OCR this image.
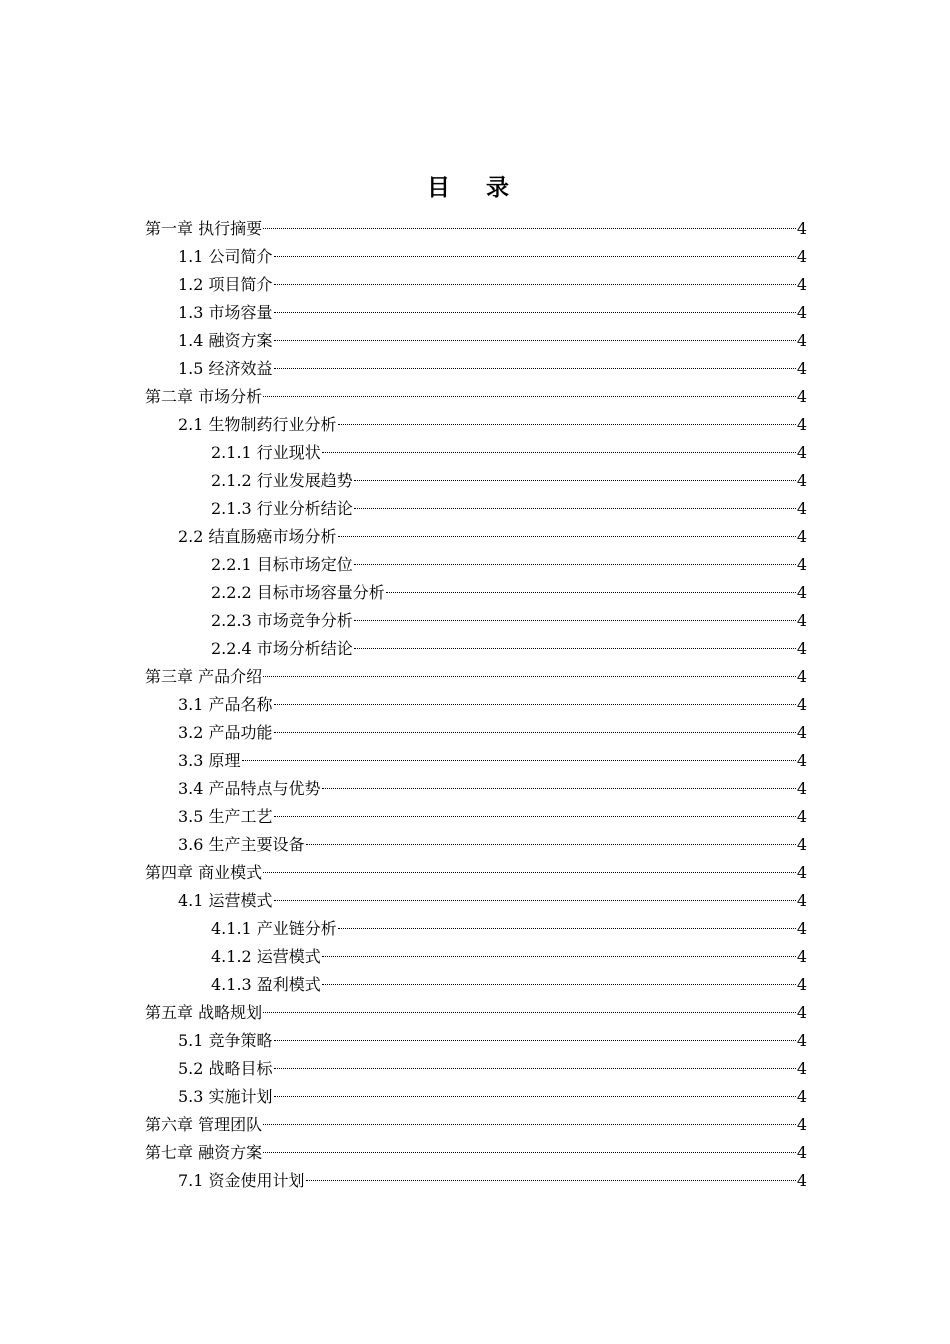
目 录
第一章 执行摘要	4
1.1 公司简介	4
1.2 项目简介	4
1.3 市场容量	4
1.4 融资方案	4
1.5 经济效益	4
第二章 市场分析	4
2.1 生物制药行业分析	4
2.1.1 行业现状	4
2.1.2 行业发展趋势	4
2.1.3 行业分析结论	4
2.2 结直肠癌市场分析	4
2.2.1 目标市场定位	4
2.2.2 目标市场容量分析	4
2.2.3 市场竞争分析	4
2.2.4 市场分析结论	4
第三章 产品介绍	4
3.1 产品名称	4
3.2 产品功能	4
3.3 原理	4
3.4 产品特点与优势	4
3.5 生产工艺	4
3.6 生产主要设备	4
第四章 商业模式	4
4.1 运营模式	4
4.1.1 产业链分析	4
4.1.2 运营模式	4
4.1.3 盈利模式	4
第五章 战略规划	4
5.1 竞争策略	4
5.2 战略目标	4
5.3 实施计划	4
第六章 管理团队	4
第七章 融资方案	4
7.1 资金使用计划	4
